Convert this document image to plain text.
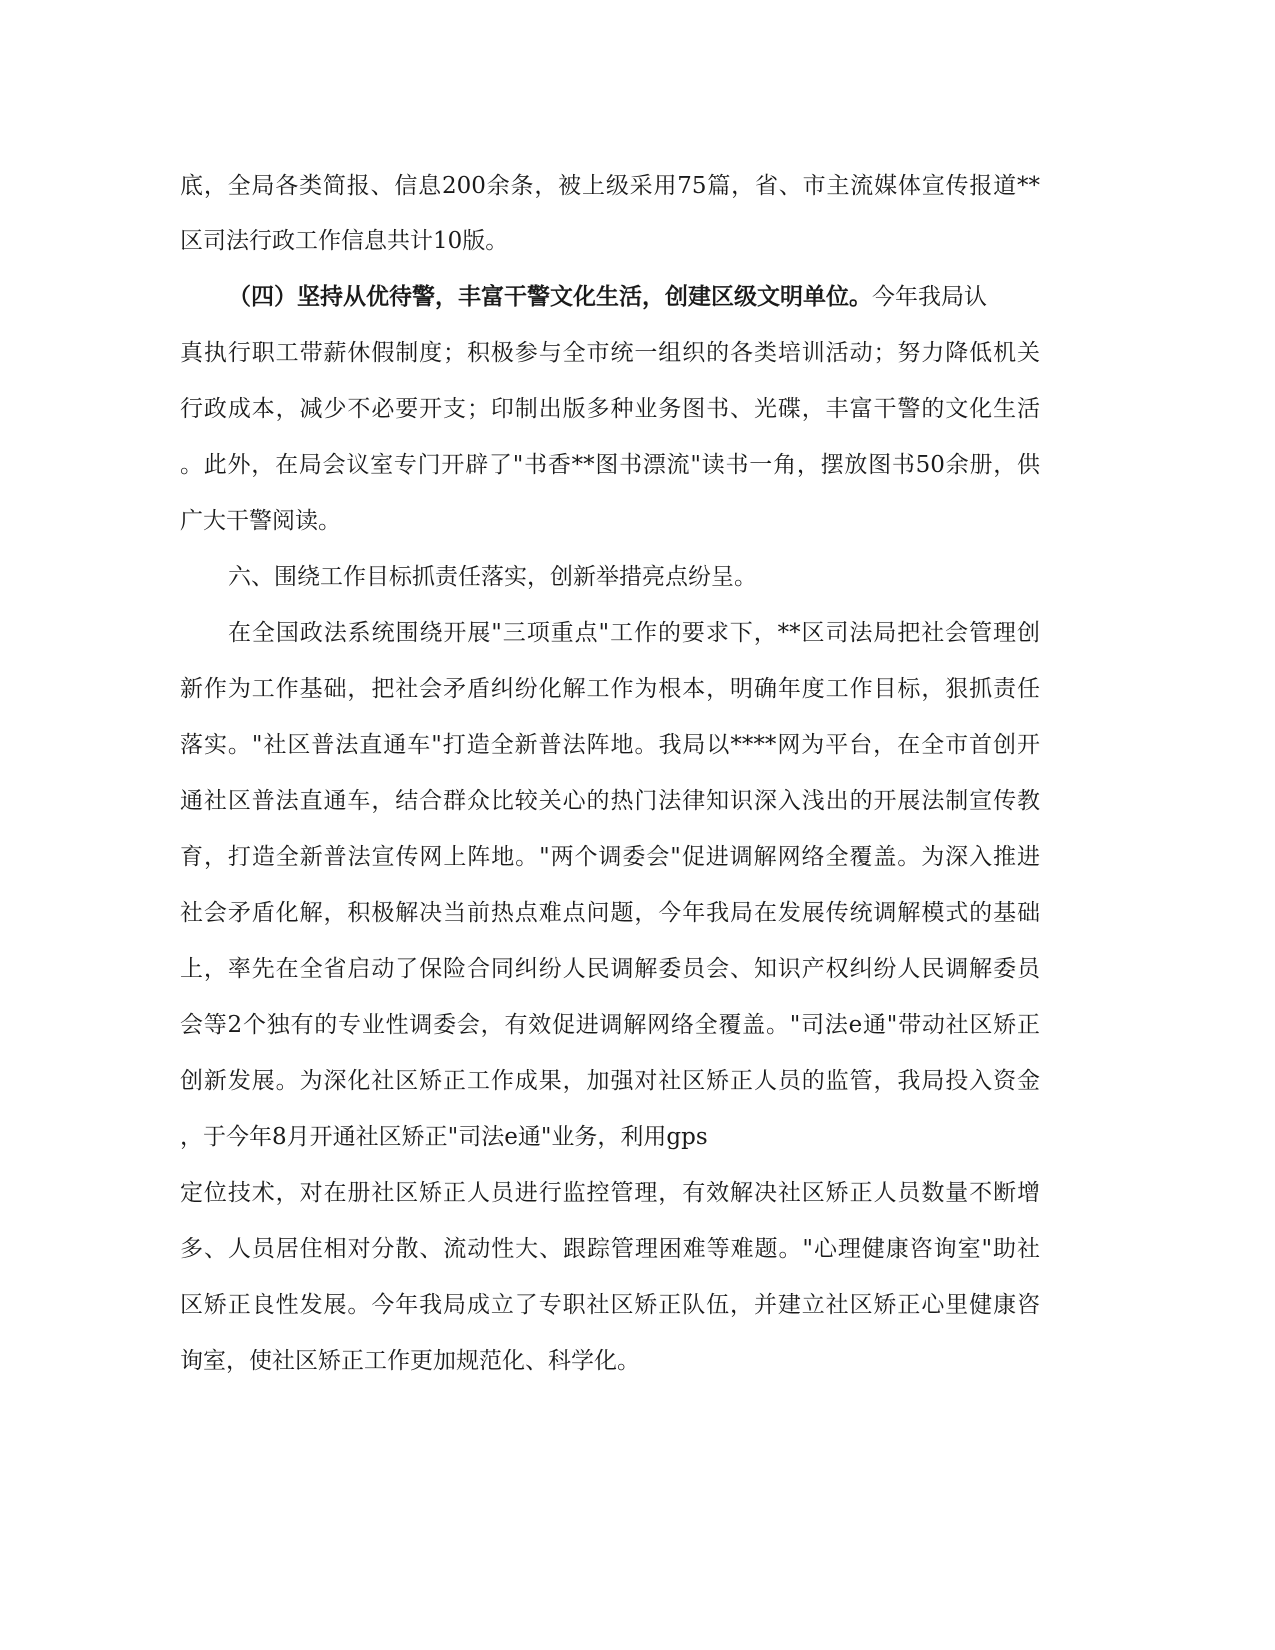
底，全局各类简报、信息200余条，被上级采用75篇，省、市主流媒体宣传报道**
区司法行政工作信息共计10版。
（四）坚持从优待警，丰富干警文化生活，创建区级文明单位。今年我局认
真执行职工带薪休假制度；积极参与全市统一组织的各类培训活动；努力降低机关
行政成本，减少不必要开支；印制出版多种业务图书、光碟，丰富干警的文化生活
。此外，在局会议室专门开辟了"书香**图书漂流"读书一角，摆放图书50余册，供
广大干警阅读。
六、围绕工作目标抓责任落实，创新举措亮点纷呈。
在全国政法系统围绕开展"三项重点"工作的要求下，**区司法局把社会管理创
新作为工作基础，把社会矛盾纠纷化解工作为根本，明确年度工作目标，狠抓责任
落实。"社区普法直通车"打造全新普法阵地。我局以****网为平台，在全市首创开
通社区普法直通车，结合群众比较关心的热门法律知识深入浅出的开展法制宣传教
育，打造全新普法宣传网上阵地。"两个调委会"促进调解网络全覆盖。为深入推进
社会矛盾化解，积极解决当前热点难点问题，今年我局在发展传统调解模式的基础
上，率先在全省启动了保险合同纠纷人民调解委员会、知识产权纠纷人民调解委员
会等2个独有的专业性调委会，有效促进调解网络全覆盖。"司法e通"带动社区矫正
创新发展。为深化社区矫正工作成果，加强对社区矫正人员的监管，我局投入资金
，于今年8月开通社区矫正"司法e通"业务，利用gps
定位技术，对在册社区矫正人员进行监控管理，有效解决社区矫正人员数量不断增
多、人员居住相对分散、流动性大、跟踪管理困难等难题。"心理健康咨询室"助社
区矫正良性发展。今年我局成立了专职社区矫正队伍，并建立社区矫正心里健康咨
询室，使社区矫正工作更加规范化、科学化。
